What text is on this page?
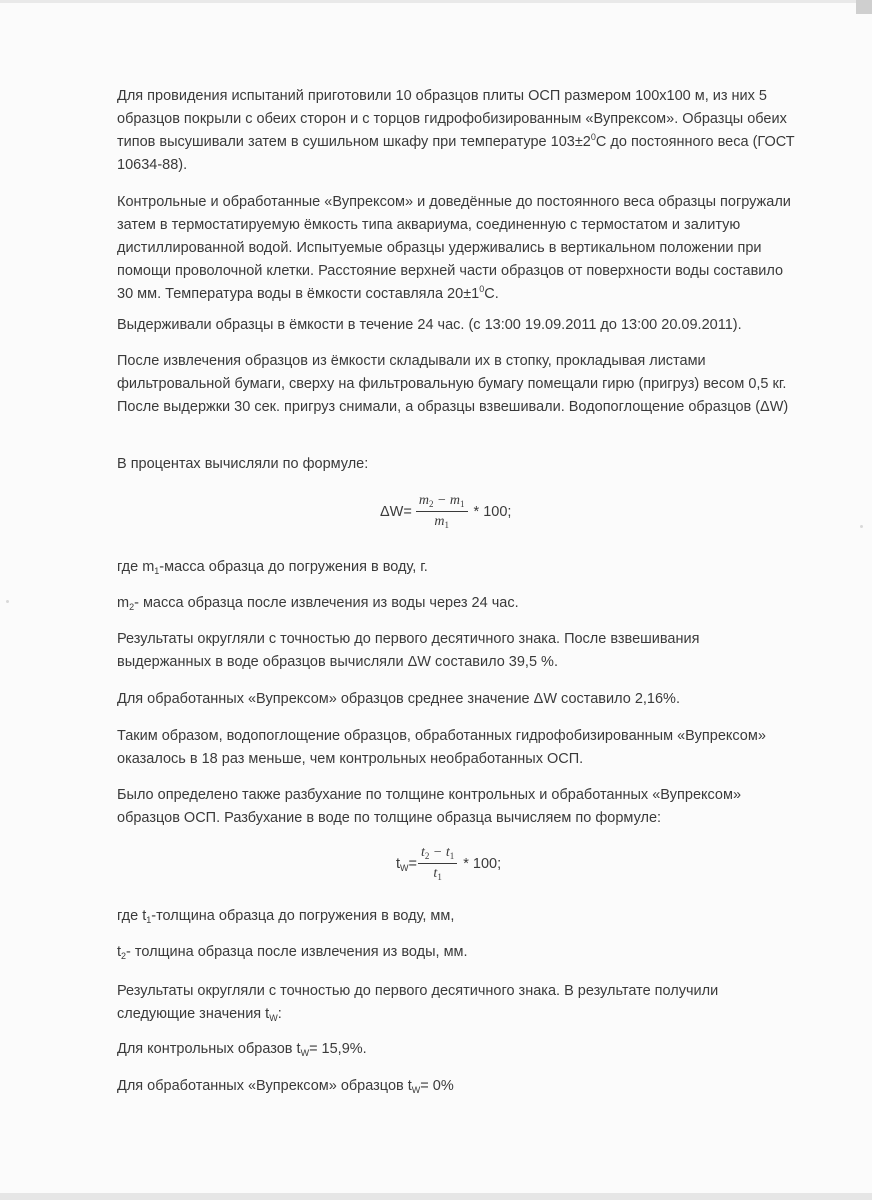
Для провидения испытаний приготовили 10 образцов плиты ОСП размером 100х100 м, из них 5 образцов покрыли с обеих сторон и с торцов гидрофобизированным «Вупрексом». Образцы обеих типов высушивали затем в сушильном шкафу при температуре $103\pm 2^0С$ до постоянного веса (ГОСТ 10634-88).

Контрольные и обработанные «Вупрексом» и доведённые до постоянного веса образцы погружали затем в термостатируемую ёмкость типа аквариума, соединенную с термостатом и залитую дистиллированной водой. Испытуемые образцы удерживались в вертикальном положении при помощи проволочной клетки. Расстояние верхней части образцов от поверхности воды составило 30 мм. Температура воды в ёмкости составляла $20\pm 1^0С$.

Выдерживали образцы в ёмкости в течение 24 час. (с 13:00 19.09.2011 до 13:00 20.09.2011).

После извлечения образцов из ёмкости складывали их в стопку, прокладывая листами фильтровальной бумаги, сверху на фильтровальную бумагу помещали гирю (пригруз) весом 0,5 кг. После выдержки 30 сек. пригруз снимали, а образцы взвешивали. Водопоглощение образцов (ΔW)

В процентах вычисляли по формуле:

$\Delta W= \frac{m_2 - m_1}{m_1} * 100$;

где $m_1$-масса образца до погружения в воду, г.

$m_2-$ масса образца после извлечения из воды через 24 час.

Результаты округляли с точностью до первого десятичного знака. После взвешивания выдержанных в воде образцов вычисляли ΔW составило 39,5 %.

Для обработанных «Вупрексом» образцов среднее значение ΔW составило 2,16%.

Таким образом, водопоглощение образцов, обработанных гидрофобизированным «Вупрексом» оказалось в 18 раз меньше, чем контрольных необработанных ОСП.

Было определено также разбухание по толщине контрольных и обработанных «Вупрексом» образцов ОСП. Разбухание в воде по толщине образца вычисляем по формуле:

$t_W= \frac{t_2 - t_1}{t_1} * 100$;

где $t_1$-толщина образца до погружения в воду, мм,

$t_2-$ толщина образца после извлечения из воды, мм.

Результаты округляли с точностью до первого десятичного знака. В результате получили следующие значения $t_W$:

Для контрольных образов $t_W= 15,9\%$.

Для обработанных «Вупрексом» образцов $t_W= 0\%$
